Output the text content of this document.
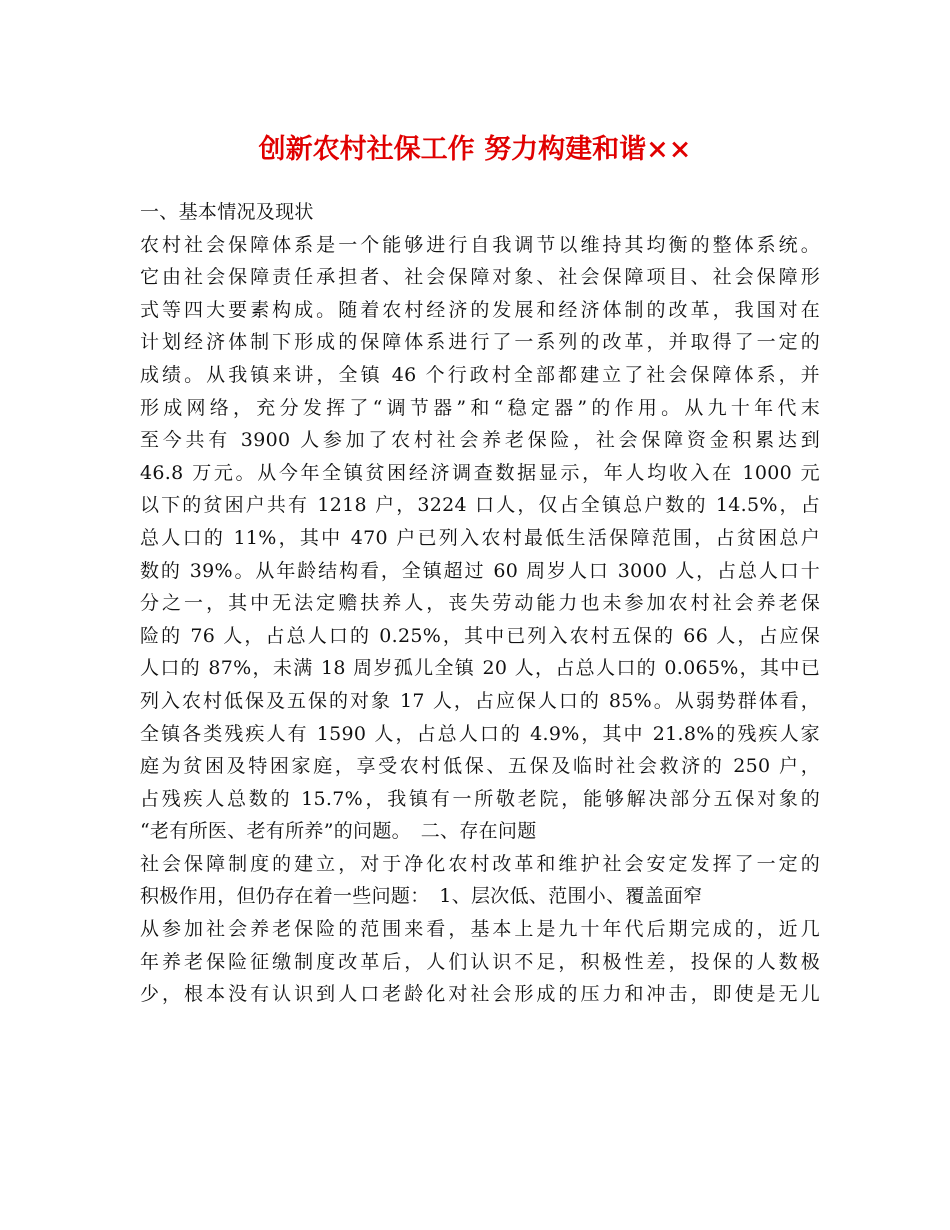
创新农村社保工作 努力构建和谐××
一、基本情况及现状
农村社会保障体系是一个能够进行自我调节以维持其均衡的整体系统。
它由社会保障责任承担者、社会保障对象、社会保障项目、社会保障形
式等四大要素构成。随着农村经济的发展和经济体制的改革，我国对在
计划经济体制下形成的保障体系进行了一系列的改革，并取得了一定的
成绩。从我镇来讲，全镇 46 个行政村全部都建立了社会保障体系，并
形成网络，充分发挥了“调节器”和“稳定器”的作用。从九十年代末
至今共有 3900 人参加了农村社会养老保险，社会保障资金积累达到
46.8 万元。从今年全镇贫困经济调查数据显示，年人均收入在 1000 元
以下的贫困户共有 1218 户，3224 口人，仅占全镇总户数的 14.5%，占
总人口的 11%，其中 470 户已列入农村最低生活保障范围，占贫困总户
数的 39%。从年龄结构看，全镇超过 60 周岁人口 3000 人，占总人口十
分之一，其中无法定赡扶养人，丧失劳动能力也未参加农村社会养老保
险的 76 人，占总人口的 0.25%，其中已列入农村五保的 66 人，占应保
人口的 87%，未满 18 周岁孤儿全镇 20 人，占总人口的 0.065%，其中已
列入农村低保及五保的对象 17 人，占应保人口的 85%。从弱势群体看，
全镇各类残疾人有 1590 人，占总人口的 4.9%，其中 21.8%的残疾人家
庭为贫困及特困家庭，享受农村低保、五保及临时社会救济的 250 户，
占残疾人总数的 15.7%，我镇有一所敬老院，能够解决部分五保对象的
“老有所医、老有所养”的问题。　二、存在问题
社会保障制度的建立，对于净化农村改革和维护社会安定发挥了一定的
积极作用，但仍存在着一些问题：　1、层次低、范围小、覆盖面窄
从参加社会养老保险的范围来看，基本上是九十年代后期完成的，近几
年养老保险征缴制度改革后，人们认识不足，积极性差，投保的人数极
少，根本没有认识到人口老龄化对社会形成的压力和冲击，即使是无儿
